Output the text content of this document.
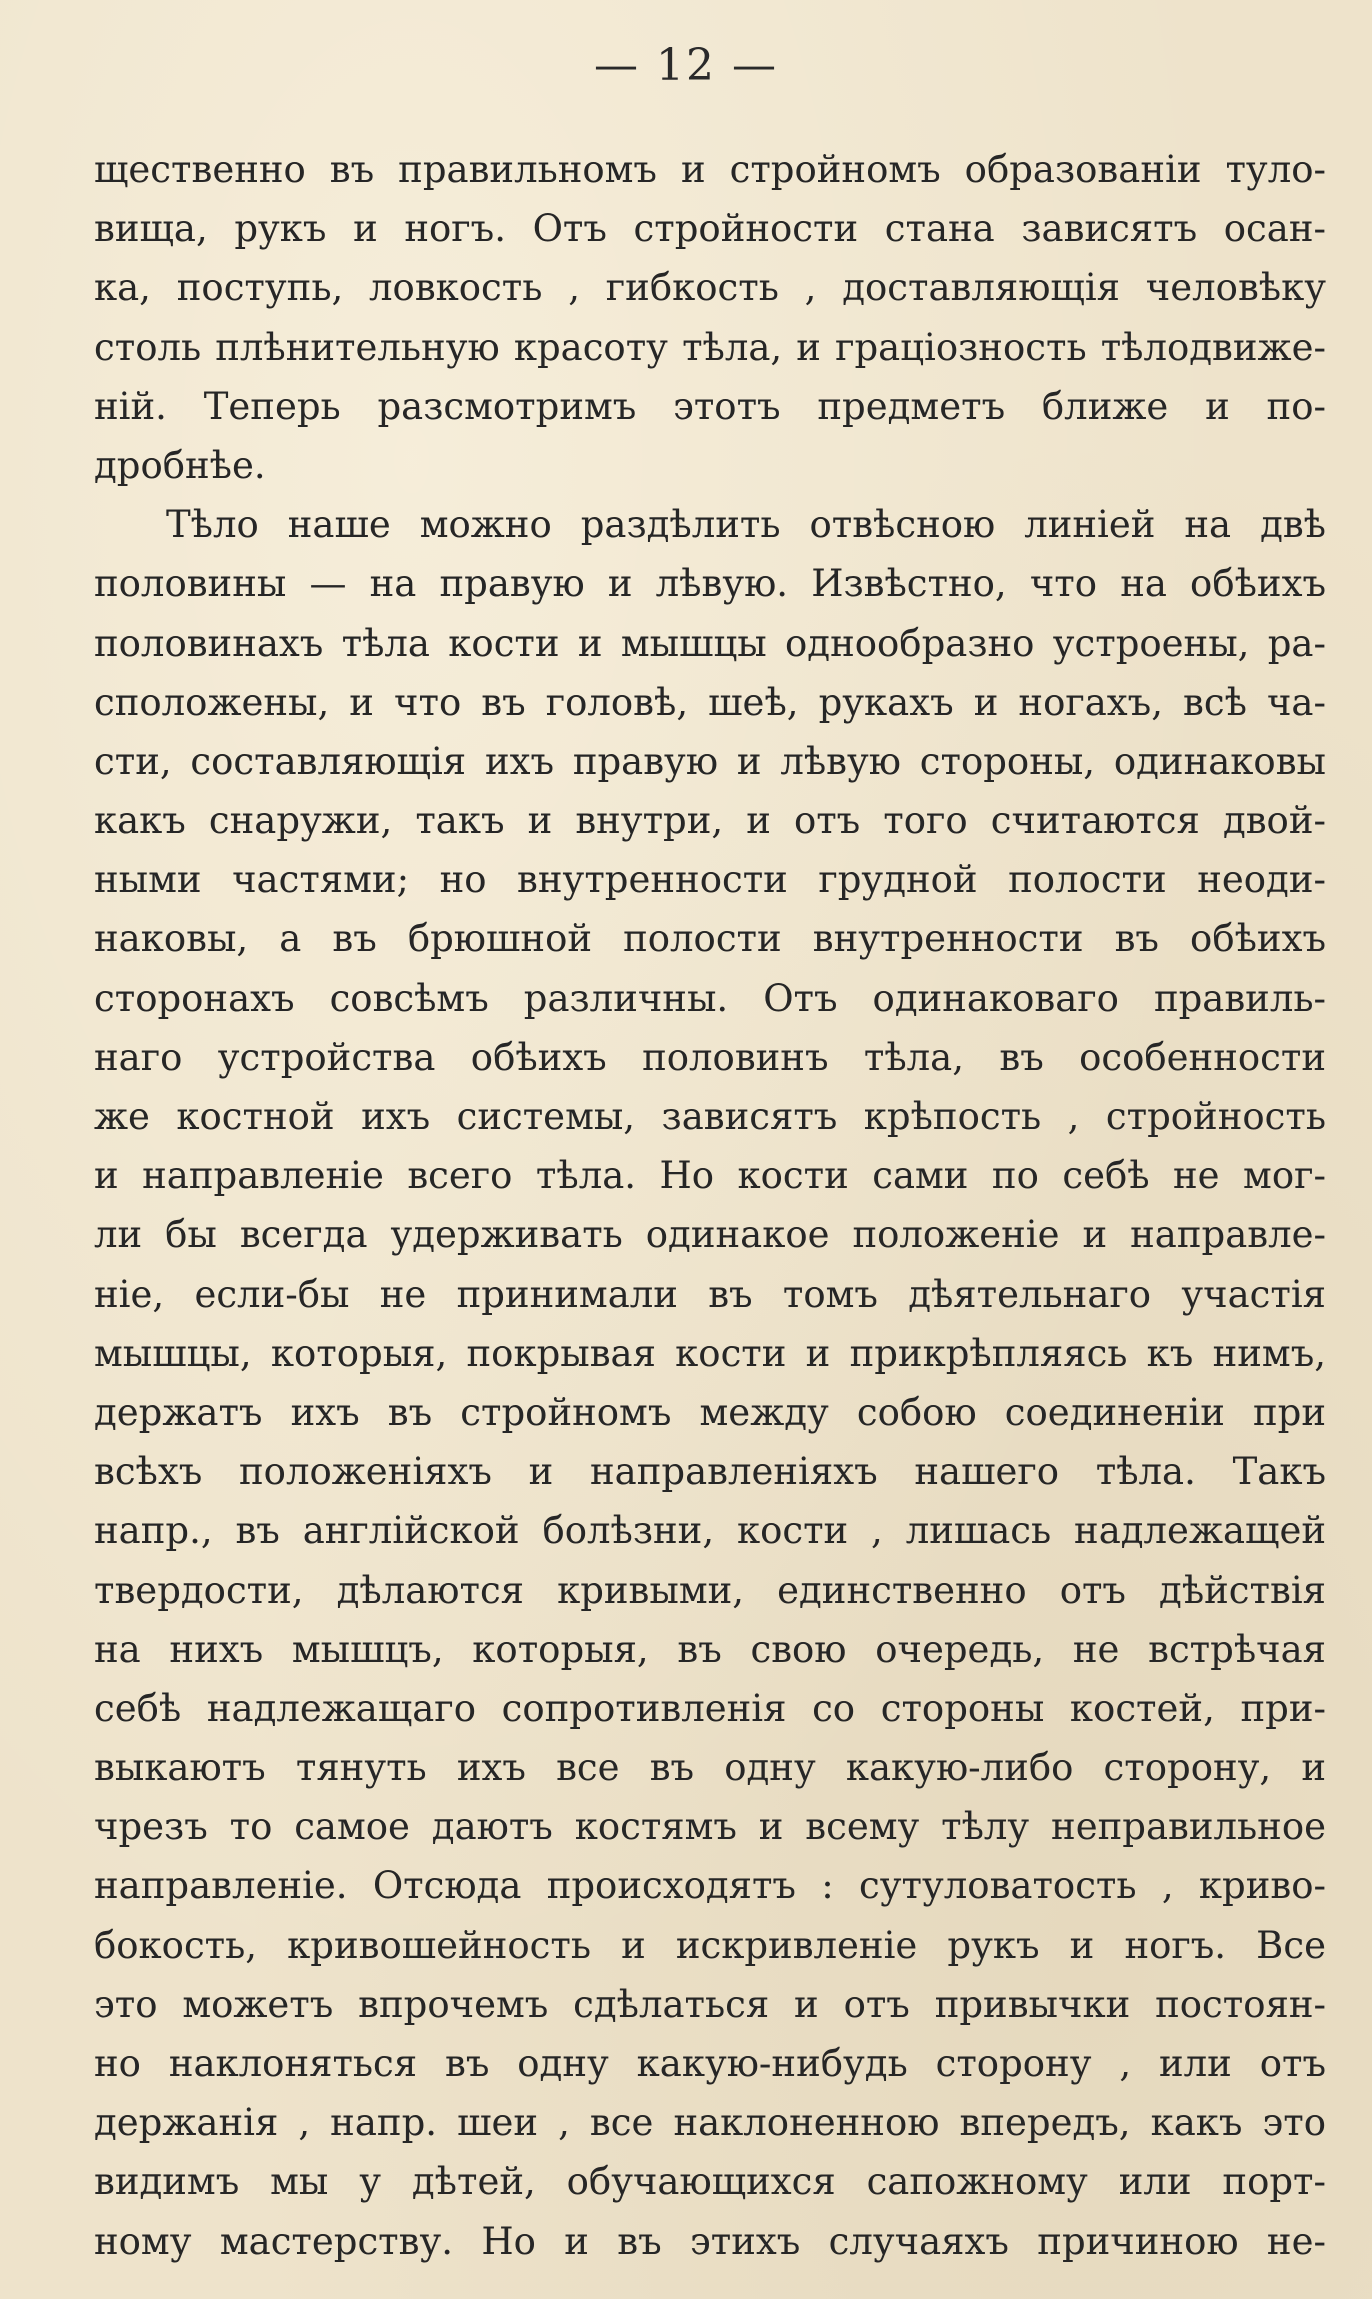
— 12 —
щественно въ правильномъ и стройномъ образованіи туло-
вища, рукъ и ногъ. Отъ стройности стана зависятъ осан-
ка, поступь, ловкость , гибкость , доставляющія человѣку
столь плѣнительную красоту тѣла, и граціозность тѣлодвиже-
ній. Теперь разсмотримъ этотъ предметъ ближе и по-
дробнѣе.
Тѣло наше можно раздѣлить отвѣсною линіей на двѣ
половины — на правую и лѣвую. Извѣстно, что на обѣихъ
половинахъ тѣла кости и мышцы однообразно устроены, ра-
сположены, и что въ головѣ, шеѣ, рукахъ и ногахъ, всѣ ча-
сти, составляющія ихъ правую и лѣвую стороны, одинаковы
какъ снаружи, такъ и внутри, и отъ того считаются двой-
ными частями; но внутренности грудной полости неоди-
наковы, а въ брюшной полости внутренности въ обѣихъ
сторонахъ совсѣмъ различны. Отъ одинаковаго правиль-
наго устройства обѣихъ половинъ тѣла, въ особенности
же костной ихъ системы, зависятъ крѣпость , стройность
и направленіе всего тѣла. Но кости сами по себѣ не мог-
ли бы всегда удерживать одинакое положеніе и направле-
ніе, если-бы не принимали въ томъ дѣятельнаго участія
мышцы, которыя, покрывая кости и прикрѣпляясь къ нимъ,
держатъ ихъ въ стройномъ между собою соединеніи при
всѣхъ положеніяхъ и направленіяхъ нашего тѣла. Такъ
напр., въ англійской болѣзни, кости , лишась надлежащей
твердости, дѣлаются кривыми, единственно отъ дѣйствія
на нихъ мышцъ, которыя, въ свою очередь, не встрѣчая
себѣ надлежащаго сопротивленія со стороны костей, при-
выкаютъ тянуть ихъ все въ одну какую-либо сторону, и
чрезъ то самое даютъ костямъ и всему тѣлу неправильное
направленіе. Отсюда происходятъ : сутуловатость , криво-
бокость, кривошейность и искривленіе рукъ и ногъ. Все
это можетъ впрочемъ сдѣлаться и отъ привычки постоян-
но наклоняться въ одну какую-нибудь сторону , или отъ
держанія , напр. шеи , все наклоненною впередъ, какъ это
видимъ мы у дѣтей, обучающихся сапожному или порт-
ному мастерству. Но и въ этихъ случаяхъ причиною не-
